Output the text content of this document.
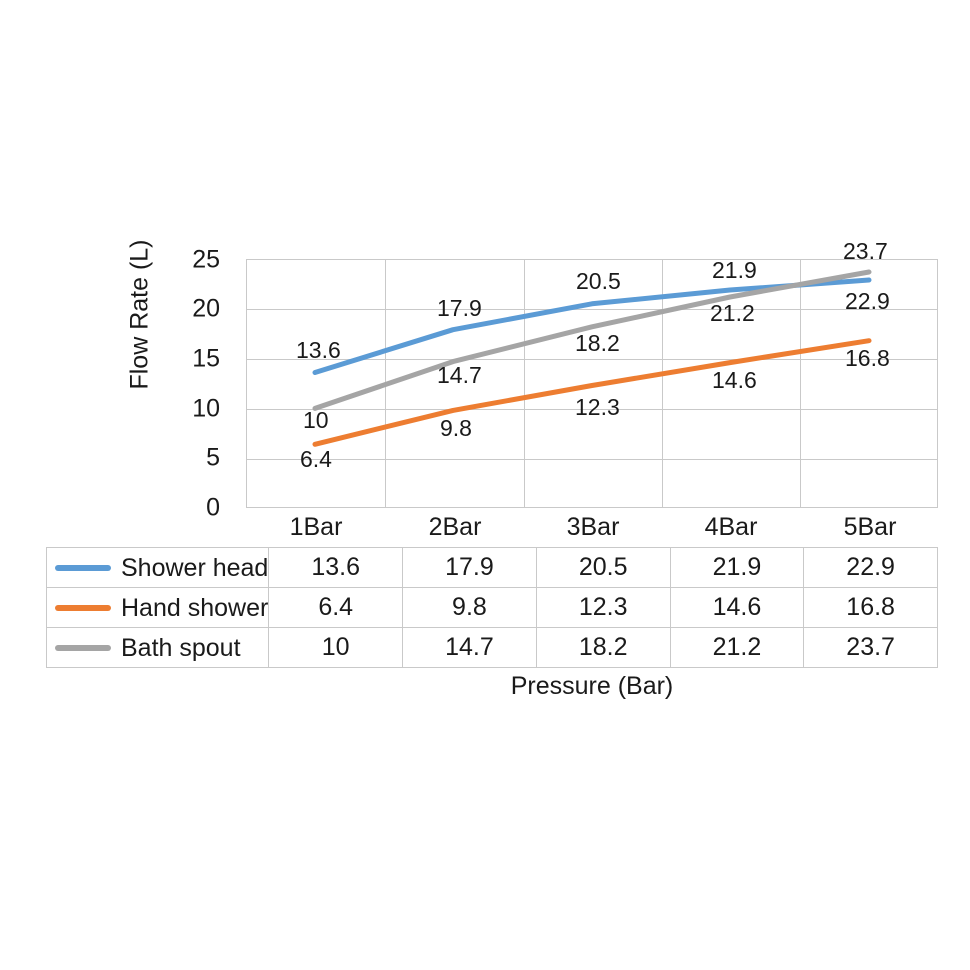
Flow Rate (L)
0
5
10
15
20
25
13.6
17.9
20.5	21.9
22.9
6.4
9.8
12.3
14.6
16.8
10
14.7
18.2
21.2
23.7
1Bar	2Bar	3Bar	4Bar	5Bar
Shower head	13.6	17.9	20.5	21.9	22.9
Hand shower	6.4	9.8	12.3	14.6	16.8
Bath spout	10	14.7	18.2	21.2	23.7
Pressure (Bar)
